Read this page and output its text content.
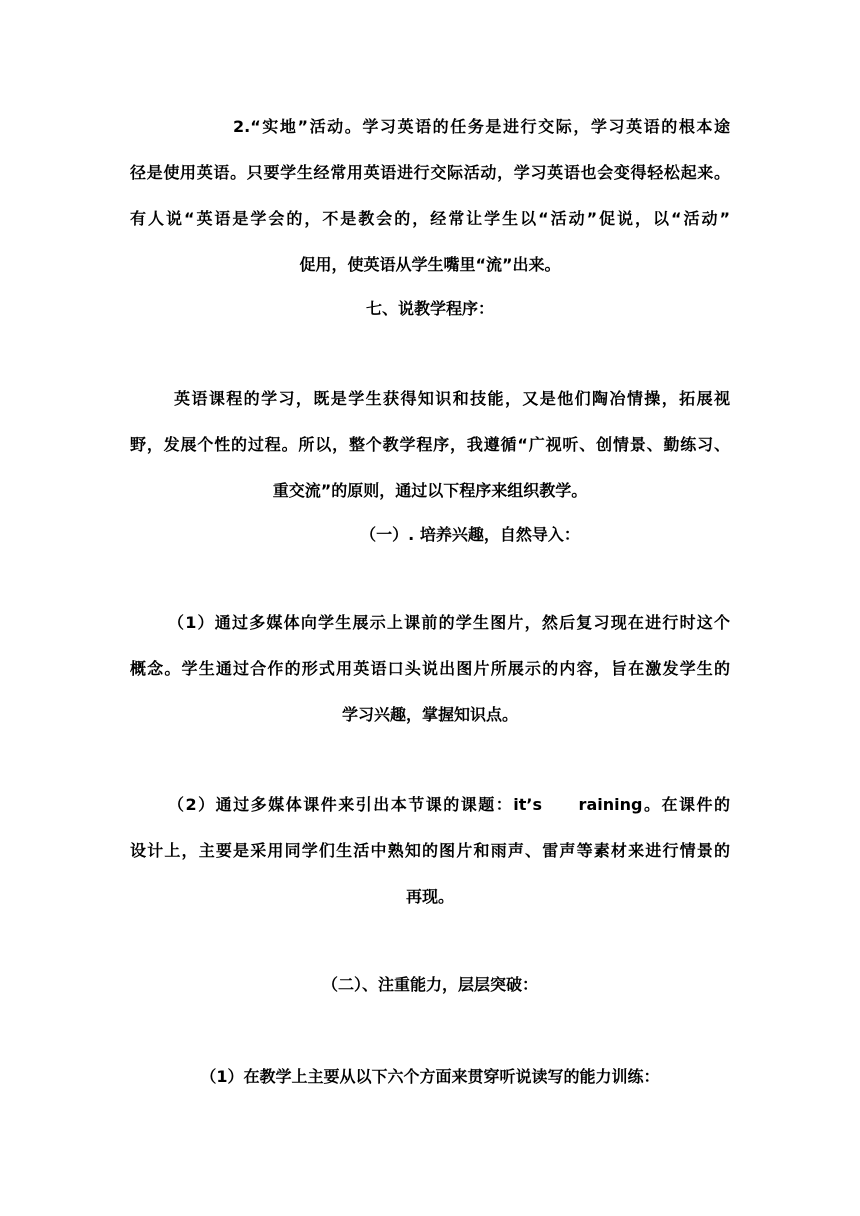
2.“实地”活动。学习英语的任务是进行交际，学习英语的根本途
径是使用英语。只要学生经常用英语进行交际活动，学习英语也会变得轻松起来。
有人说“英语是学会的，不是教会的，经常让学生以“活动”促说，以“活动”
促用，使英语从学生嘴里“流”出来。
七、说教学程序：
英语课程的学习，既是学生获得知识和技能，又是他们陶冶情操，拓展视
野，发展个性的过程。所以，整个教学程序，我遵循“广视听、创情景、勤练习、
重交流”的原则，通过以下程序来组织教学。
（一）. 培养兴趣，自然导入：
（1）通过多媒体向学生展示上课前的学生图片，然后复习现在进行时这个
概念。学生通过合作的形式用英语口头说出图片所展示的内容，旨在激发学生的
学习兴趣，掌握知识点。
（2）通过多媒体课件来引出本节课的课题：it’s　　raining。在课件的
设计上，主要是采用同学们生活中熟知的图片和雨声、雷声等素材来进行情景的
再现。
（二）、注重能力，层层突破：
（1）在教学上主要从以下六个方面来贯穿听说读写的能力训练：
